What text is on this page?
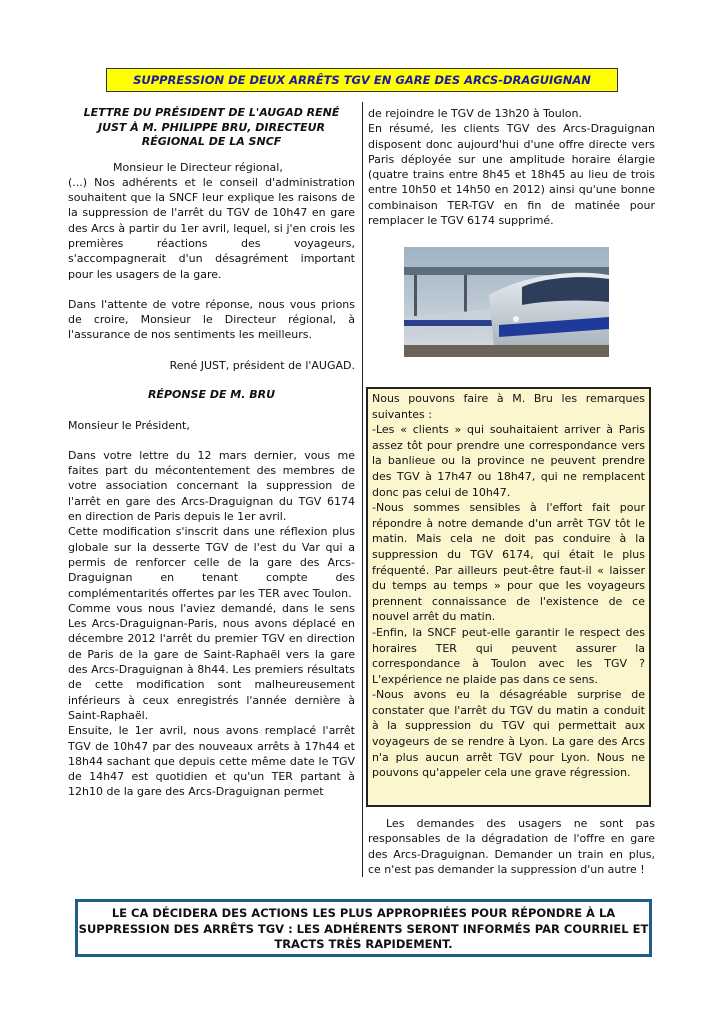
SUPPRESSION DE DEUX ARRÊTS TGV EN GARE DES ARCS-DRAGUIGNAN

LETTRE DU PRÉSIDENT DE L'AUGAD RENÉ JUST À M. PHILIPPE BRU, DIRECTEUR RÉGIONAL DE LA SNCF

Monsieur le Directeur régional,

(...) Nos adhérents et le conseil d'administration souhaitent que la SNCF leur explique les raisons de la suppression de l'arrêt du TGV de 10h47 en gare des Arcs à partir du 1er avril, lequel, si j'en crois les premières réactions des voyageurs, s'accompagnerait d'un désagrément important pour les usagers de la gare.

Dans l'attente de votre réponse, nous vous prions de croire, Monsieur le Directeur régional, à l'assurance de nos sentiments les meilleurs.

René JUST, président de l'AUGAD.

RÉPONSE DE M. BRU

Monsieur le Président,

Dans votre lettre du 12 mars dernier, vous me faites part du mécontentement des membres de votre association concernant la suppression de l'arrêt en gare des Arcs-Draguignan du TGV 6174 en direction de Paris depuis le 1er avril.

Cette modification s'inscrit dans une réflexion plus globale sur la desserte TGV de l'est du Var qui a permis de renforcer celle de la gare des Arcs-Draguignan en tenant compte des complémentarités offertes par les TER avec Toulon.

Comme vous nous l'aviez demandé, dans le sens Les Arcs-Draguignan-Paris, nous avons déplacé en décembre 2012 l'arrêt du premier TGV en direction de Paris de la gare de Saint-Raphaël vers la gare des Arcs-Draguignan à 8h44. Les premiers résultats de cette modification sont malheureusement inférieurs à ceux enregistrés l'année dernière à Saint-Raphaël.

Ensuite, le 1er avril, nous avons remplacé l'arrêt TGV de 10h47 par des nouveaux arrêts à 17h44 et 18h44 sachant que depuis cette même date le TGV de 14h47 est quotidien et qu'un TER partant à 12h10 de la gare des Arcs-Draguignan permet

de rejoindre le TGV de 13h20 à Toulon.

En résumé, les clients TGV des Arcs-Draguignan disposent donc aujourd'hui d'une offre directe vers Paris déployée sur une amplitude horaire élargie (quatre trains entre 8h45 et 18h45 au lieu de trois entre 10h50 et 14h50 en 2012) ainsi qu'une bonne combinaison TER-TGV en fin de matinée pour remplacer le TGV 6174 supprimé.

Nous pouvons faire à M. Bru les remarques suivantes :

-Les « clients » qui souhaitaient arriver à Paris assez tôt pour prendre une correspondance vers la banlieue ou la province ne peuvent prendre des TGV à 17h47 ou 18h47, qui ne remplacent donc pas celui de 10h47.

-Nous sommes sensibles à l'effort fait pour répondre à notre demande d'un arrêt TGV tôt le matin. Mais cela ne doit pas conduire à la suppression du TGV 6174, qui était le plus fréquenté. Par ailleurs peut-être faut-il « laisser du temps au temps » pour que les voyageurs prennent connaissance de l'existence de ce nouvel arrêt du matin.

-Enfin, la SNCF peut-elle garantir le respect des horaires TER qui peuvent assurer la correspondance à Toulon avec les TGV ? L'expérience ne plaide pas dans ce sens.

-Nous avons eu la désagréable surprise de constater que l'arrêt du TGV du matin a conduit à la suppression du TGV qui permettait aux voyageurs de se rendre à Lyon. La gare des Arcs n'a plus aucun arrêt TGV pour Lyon. Nous ne pouvons qu'appeler cela une grave régression.

Les demandes des usagers ne sont pas responsables de la dégradation de l'offre en gare des Arcs-Draguignan. Demander un train en plus, ce n'est pas demander la suppression d'un autre !

LE CA DÉCIDERA DES ACTIONS LES PLUS APPROPRIÉES POUR RÉPONDRE À LA SUPPRESSION DES ARRÊTS TGV : LES ADHÉRENTS SERONT INFORMÉS PAR COURRIEL ET TRACTS TRÈS RAPIDEMENT.
